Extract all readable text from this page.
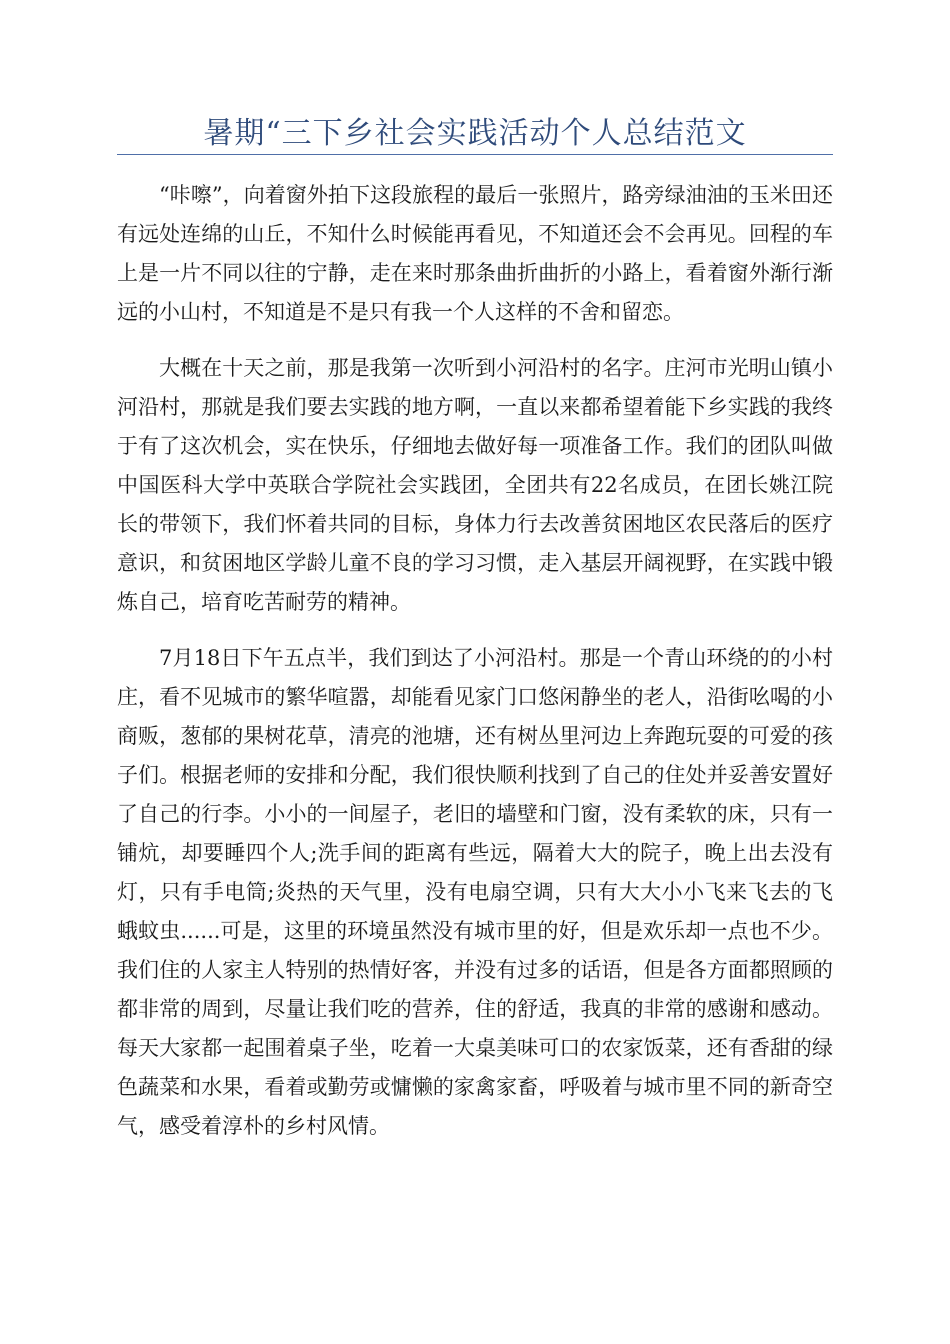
暑期“三下乡社会实践活动个人总结范文

“咔嚓”，向着窗外拍下这段旅程的最后一张照片，路旁绿油油的玉米田还有远处连绵的山丘，不知什么时候能再看见，不知道还会不会再见。回程的车上是一片不同以往的宁静，走在来时那条曲折曲折的小路上，看着窗外渐行渐远的小山村，不知道是不是只有我一个人这样的不舍和留恋。

大概在十天之前，那是我第一次听到小河沿村的名字。庄河市光明山镇小河沿村，那就是我们要去实践的地方啊，一直以来都希望着能下乡实践的我终于有了这次机会，实在快乐，仔细地去做好每一项准备工作。我们的团队叫做中国医科大学中英联合学院社会实践团，全团共有22名成员，在团长姚江院长的带领下，我们怀着共同的目标，身体力行去改善贫困地区农民落后的医疗意识，和贫困地区学龄儿童不良的学习习惯，走入基层开阔视野，在实践中锻炼自己，培育吃苦耐劳的精神。

7月18日下午五点半，我们到达了小河沿村。那是一个青山环绕的的小村庄，看不见城市的繁华喧嚣，却能看见家门口悠闲静坐的老人，沿街吆喝的小商贩，葱郁的果树花草，清亮的池塘，还有树丛里河边上奔跑玩耍的可爱的孩子们。根据老师的安排和分配，我们很快顺利找到了自己的住处并妥善安置好了自己的行李。小小的一间屋子，老旧的墙壁和门窗，没有柔软的床，只有一铺炕，却要睡四个人;洗手间的距离有些远，隔着大大的院子，晚上出去没有灯，只有手电筒;炎热的天气里，没有电扇空调，只有大大小小飞来飞去的飞蛾蚊虫......可是，这里的环境虽然没有城市里的好，但是欢乐却一点也不少。我们住的人家主人特别的热情好客，并没有过多的话语，但是各方面都照顾的都非常的周到，尽量让我们吃的营养，住的舒适，我真的非常的感谢和感动。每天大家都一起围着桌子坐，吃着一大桌美味可口的农家饭菜，还有香甜的绿色蔬菜和水果，看着或勤劳或慵懒的家禽家畜，呼吸着与城市里不同的新奇空气，感受着淳朴的乡村风情。
